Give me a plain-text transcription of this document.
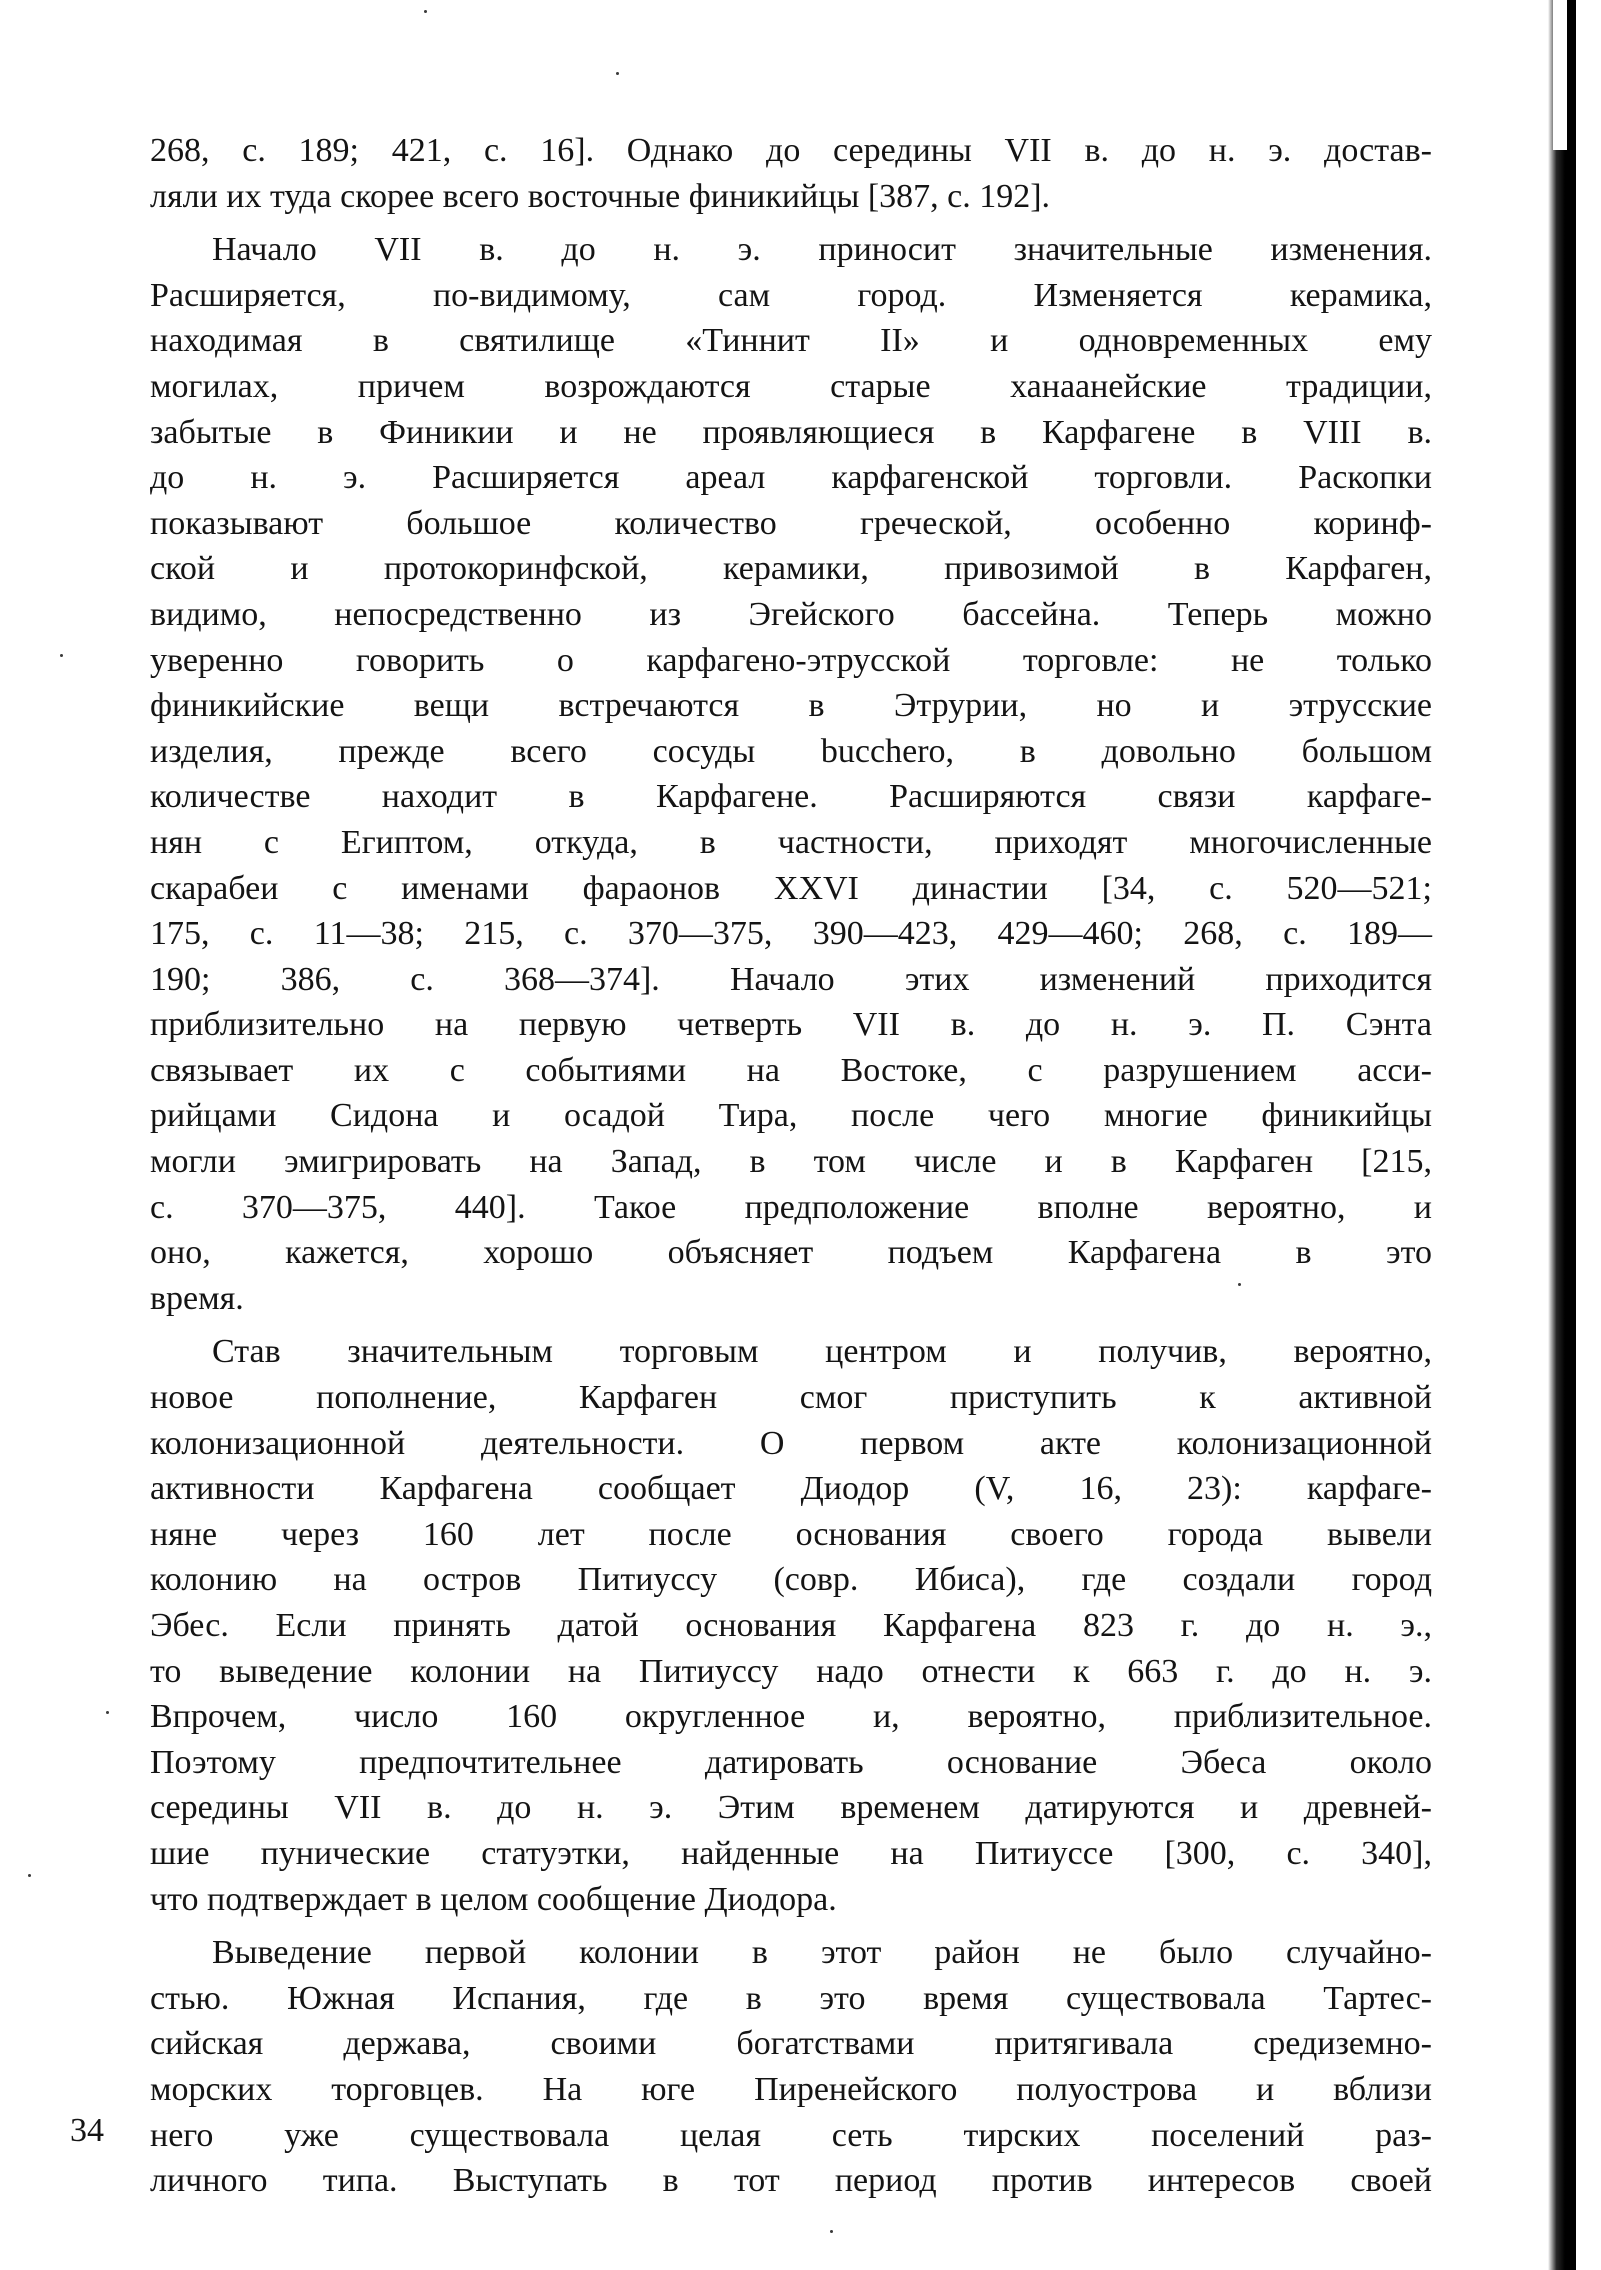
268, с. 189; 421, с. 16]. Однако до середины VII в. до н. э. достав-
ляли их туда скорее всего восточные финикийцы [387, с. 192].
Начало VII в. до н. э. приносит значительные изменения.
Расширяется, по-видимому, сам город. Изменяется керамика,
находимая в святилище «Тиннит II» и одновременных ему
могилах, причем возрождаются старые ханаанейские традиции,
забытые в Финикии и не проявляющиеся в Карфагене в VIII в.
до н. э. Расширяется ареал карфагенской торговли. Раскопки
показывают большое количество греческой, особенно коринф-
ской и протокоринфской, керамики, привозимой в Карфаген,
видимо, непосредственно из Эгейского бассейна. Теперь можно
уверенно говорить о карфагено-этрусской торговле: не только
финикийские вещи встречаются в Этрурии, но и этрусские
изделия, прежде всего сосуды bucchero, в довольно большом
количестве находит в Карфагене. Расширяются связи карфаге-
нян с Египтом, откуда, в частности, приходят многочисленные
скарабеи с именами фараонов XXVI династии [34, с. 520—521;
175, с. 11—38; 215, с. 370—375, 390—423, 429—460; 268, с. 189—
190; 386, с. 368—374]. Начало этих изменений приходится
приблизительно на первую четверть VII в. до н. э. П. Сэнта
связывает их с событиями на Востоке, с разрушением асси-
рийцами Сидона и осадой Тира, после чего многие финикийцы
могли эмигрировать на Запад, в том числе и в Карфаген [215,
с. 370—375, 440]. Такое предположение вполне вероятно, и
оно, кажется, хорошо объясняет подъем Карфагена в это
время.
Став значительным торговым центром и получив, вероятно,
новое пополнение, Карфаген смог приступить к активной
колонизационной деятельности. О первом акте колонизационной
активности Карфагена сообщает Диодор (V, 16, 23): карфаге-
няне через 160 лет после основания своего города вывели
колонию на остров Питиуссу (совр. Ибиса), где создали город
Эбес. Если принять датой основания Карфагена 823 г. до н. э.,
то выведение колонии на Питиуссу надо отнести к 663 г. до н. э.
Впрочем, число 160 округленное и, вероятно, приблизительное.
Поэтому предпочтительнее датировать основание Эбеса около
середины VII в. до н. э. Этим временем датируются и древней-
шие пунические статуэтки, найденные на Питиуссе [300, с. 340],
что подтверждает в целом сообщение Диодора.
Выведение первой колонии в этот район не было случайно-
стью. Южная Испания, где в это время существовала Тартес-
сийская держава, своими богатствами притягивала средиземно-
морских торговцев. На юге Пиренейского полуострова и вблизи
него уже существовала целая сеть тирских поселений раз-
личного типа. Выступать в тот период против интересов своей
34
